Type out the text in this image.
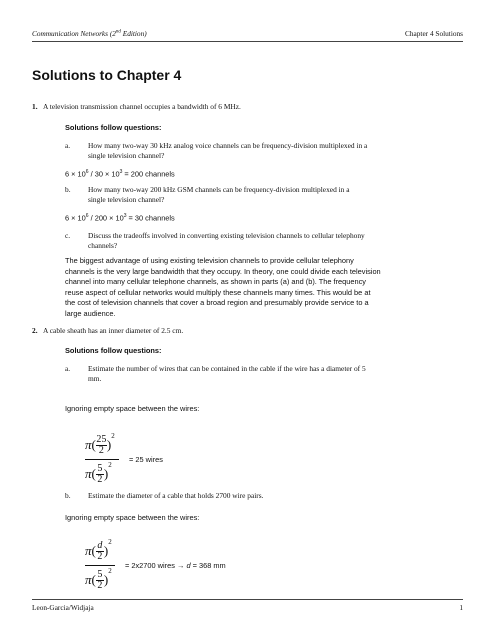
Communication Networks (2nd Edition)	Chapter 4 Solutions
Solutions to Chapter 4
1. A television transmission channel occupies a bandwidth of 6 MHz.
Solutions follow questions:
a. How many two-way 30 kHz analog voice channels can be frequency-division multiplexed in a
single television channel?
$6 \times 10^6 / 30 \times 10^3 = 200$ channels
b. How many two-way 200 kHz GSM channels can be frequency-division multiplexed in a
single television channel?
$6 \times 10^6 / 200 \times 10^3 = 30$ channels
c. Discuss the tradeoffs involved in converting existing television channels to cellular telephony
channels?
The biggest advantage of using existing television channels to provide cellular telephony
channels is the very large bandwidth that they occupy. In theory, one could divide each television
channel into many cellular telephone channels, as shown in parts (a) and (b). The frequency
reuse aspect of cellular networks would multiply these channels many times. This would be at
the cost of television channels that cover a broad region and presumably provide service to a
large audience.
2. A cable sheath has an inner diameter of 2.5 cm.
Solutions follow questions:
a. Estimate the number of wires that can be contained in the cable if the wire has a diameter of 5
mm.
Ignoring empty space between the wires:
π ( $\frac{25}{2}$ )
$^2$
π ( $\frac{5}{2}$ )
$^2$ = 25 wires
b. Estimate the diameter of a cable that holds 2700 wire pairs.
Ignoring empty space between the wires:
π ( $\frac{d}{2}$ )
$^2$
π ( $\frac{5}{2}$ )
$^2$ = 2x2700 wires → d = 368 mm
Leon-Garcia/Widjaja	1
